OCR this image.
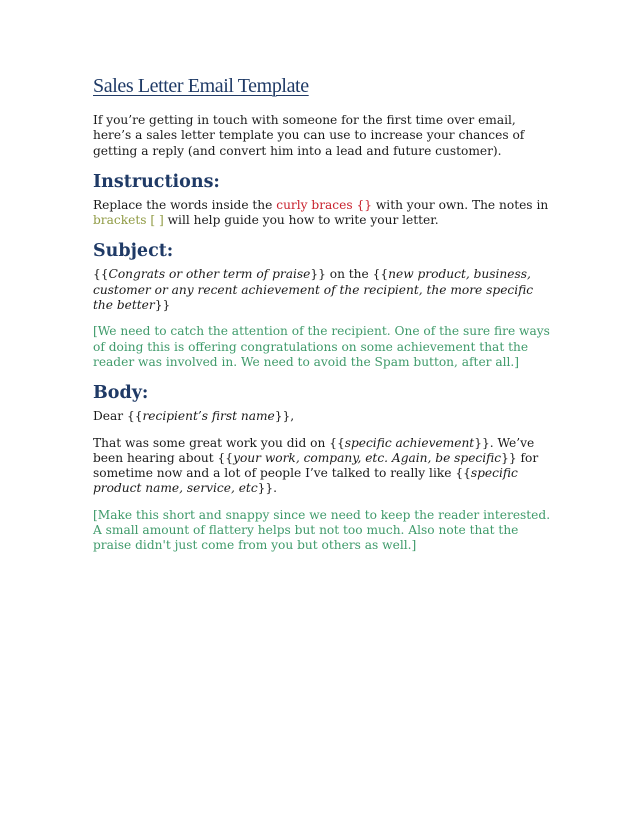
Sales Letter Email Template

If you’re getting in touch with someone for the first time over email, here’s a sales letter template you can use to increase your chances of getting a reply (and convert him into a lead and future customer).

Instructions:

Replace the words inside the curly braces {} with your own. The notes in
brackets [ ] will help guide you how to write your letter.

Subject:

{{Congrats or other term of praise}} on the {{new product, business, customer or any recent achievement of the recipient, the more specific the better}}

[We need to catch the attention of the recipient. One of the sure fire ways of doing this is offering congratulations on some achievement that the reader was involved in. We need to avoid the Spam button, after all.]

Body:

Dear {{recipient’s first name}},

That was some great work you did on {{specific achievement}}. We’ve been hearing about {{your work, company, etc. Again, be specific}} for sometime now and a lot of people I’ve talked to really like {{specific product name, service, etc}}.

[Make this short and snappy since we need to keep the reader interested. A small amount of flattery helps but not too much. Also note that the praise didn't just come from you but others as well.]
